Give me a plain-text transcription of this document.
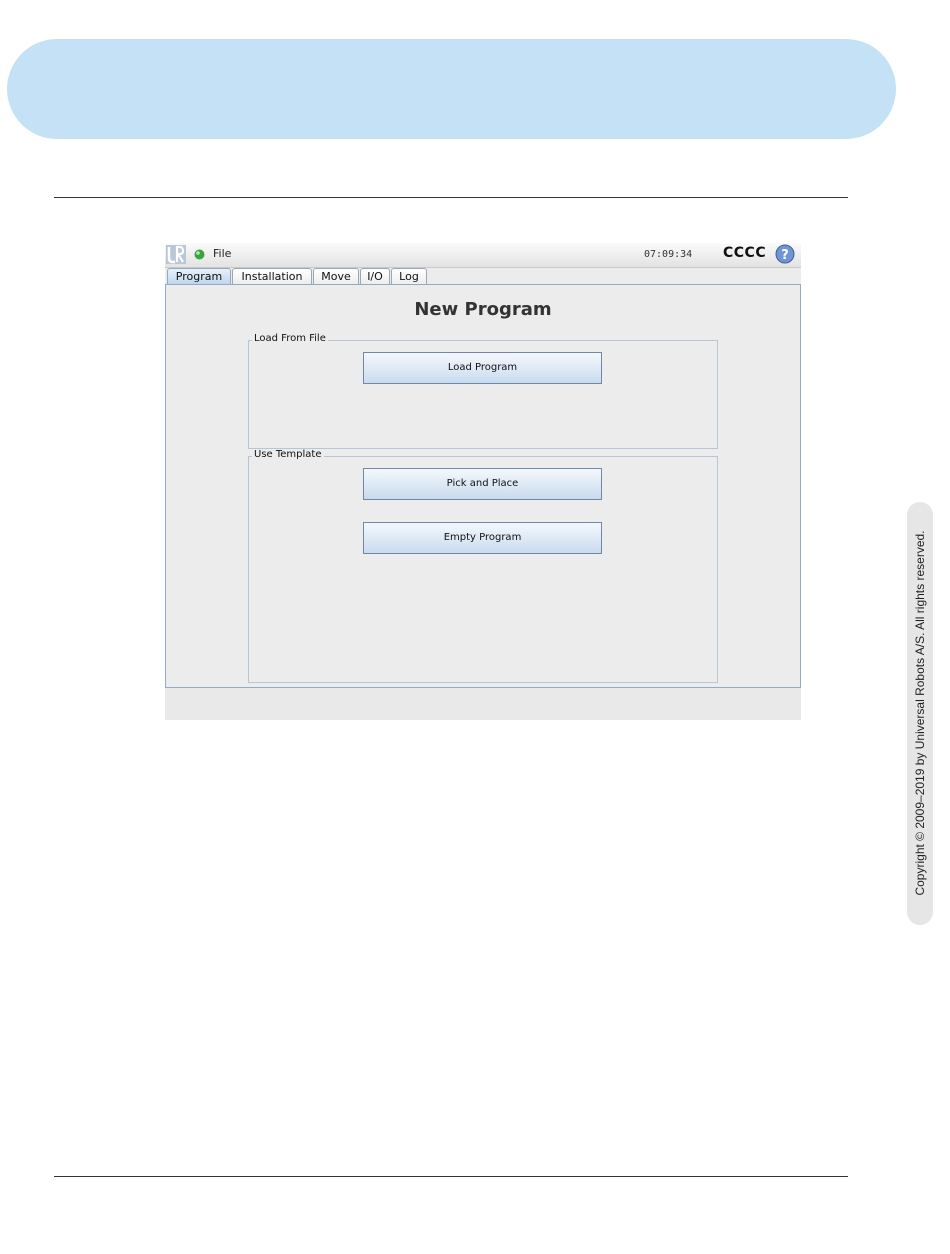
Copyright © 2009–2019 by Universal Robots A/S. All rights reserved.
File	07:09:34 CCCC ?
Program	Installation	Move	I/O	Log
New Program
Load From File
Load Program
Use Template
Pick and Place
Empty Program
